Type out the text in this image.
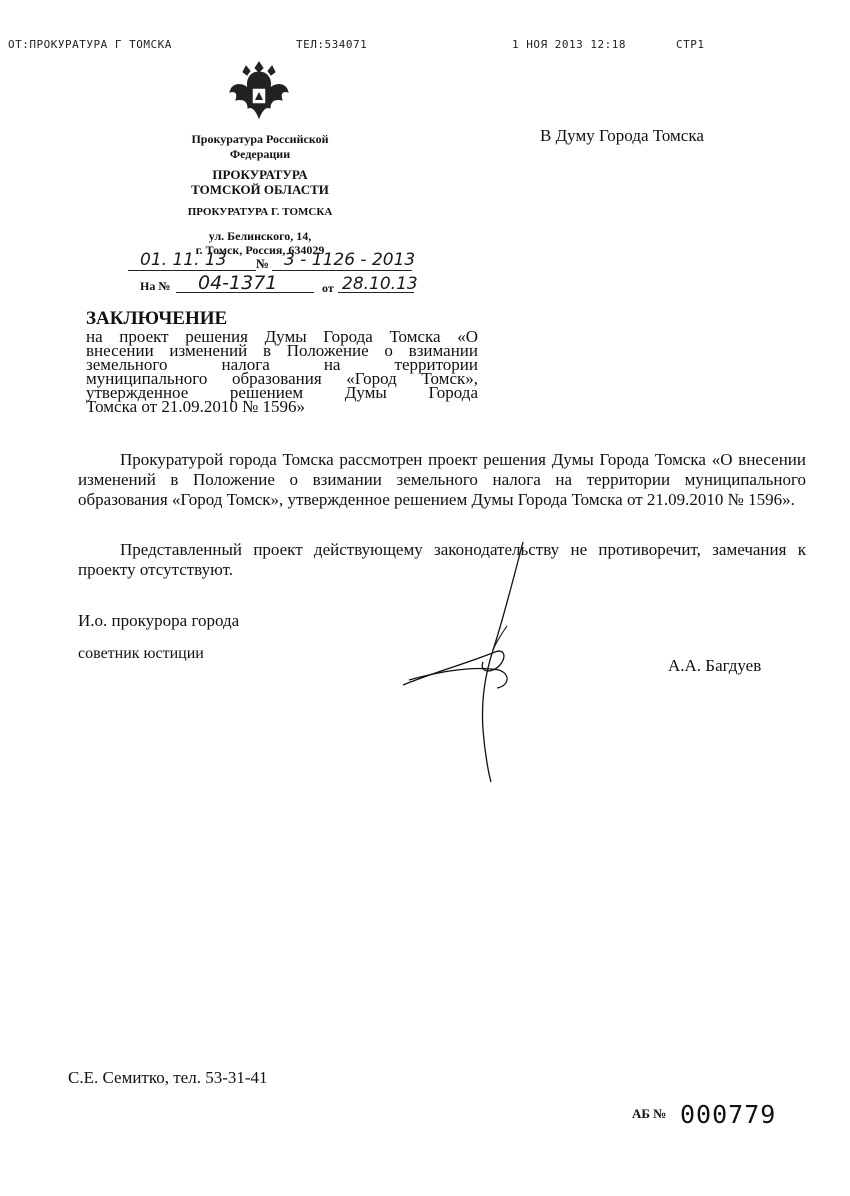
ОТ:ПРОКУРАТУРА Г ТОМСКА	ТЕЛ:534071	1 НОЯ 2013 12:18	СТР1
Прокуратура Российской
Федерации
ПРОКУРАТУРА
ТОМСКОЙ ОБЛАСТИ
ПРОКУРАТУРА Г. ТОМСКА
ул. Белинского, 14,
г. Томск, Россия, 634029
01. 11. 13 № 3 - 1126 - 2013
На № 04-1371	от 28.10.13
В Думу Города Томска
ЗАКЛЮЧЕНИЕ
на проект решения Думы Города Томска «О
внесении изменений в Положение о взимании
земельного налога на территории
муниципального образования «Город Томск»,
утвержденное решением Думы Города
Томска от 21.09.2010 № 1596»
Прокуратурой города Томска рассмотрен проект решения Думы Города Томска «О внесении изменений в Положение о взимании земельного налога на территории муниципального образования «Город Томск», утвержденное решением Думы Города Томска от 21.09.2010 № 1596».
Представленный проект действующему законодательству не противоречит, замечания к проекту отсутствуют.
И.о. прокурора города
советник юстиции
А.А. Багдуев
С.Е. Семитко, тел. 53-31-41
АБ № 000779
